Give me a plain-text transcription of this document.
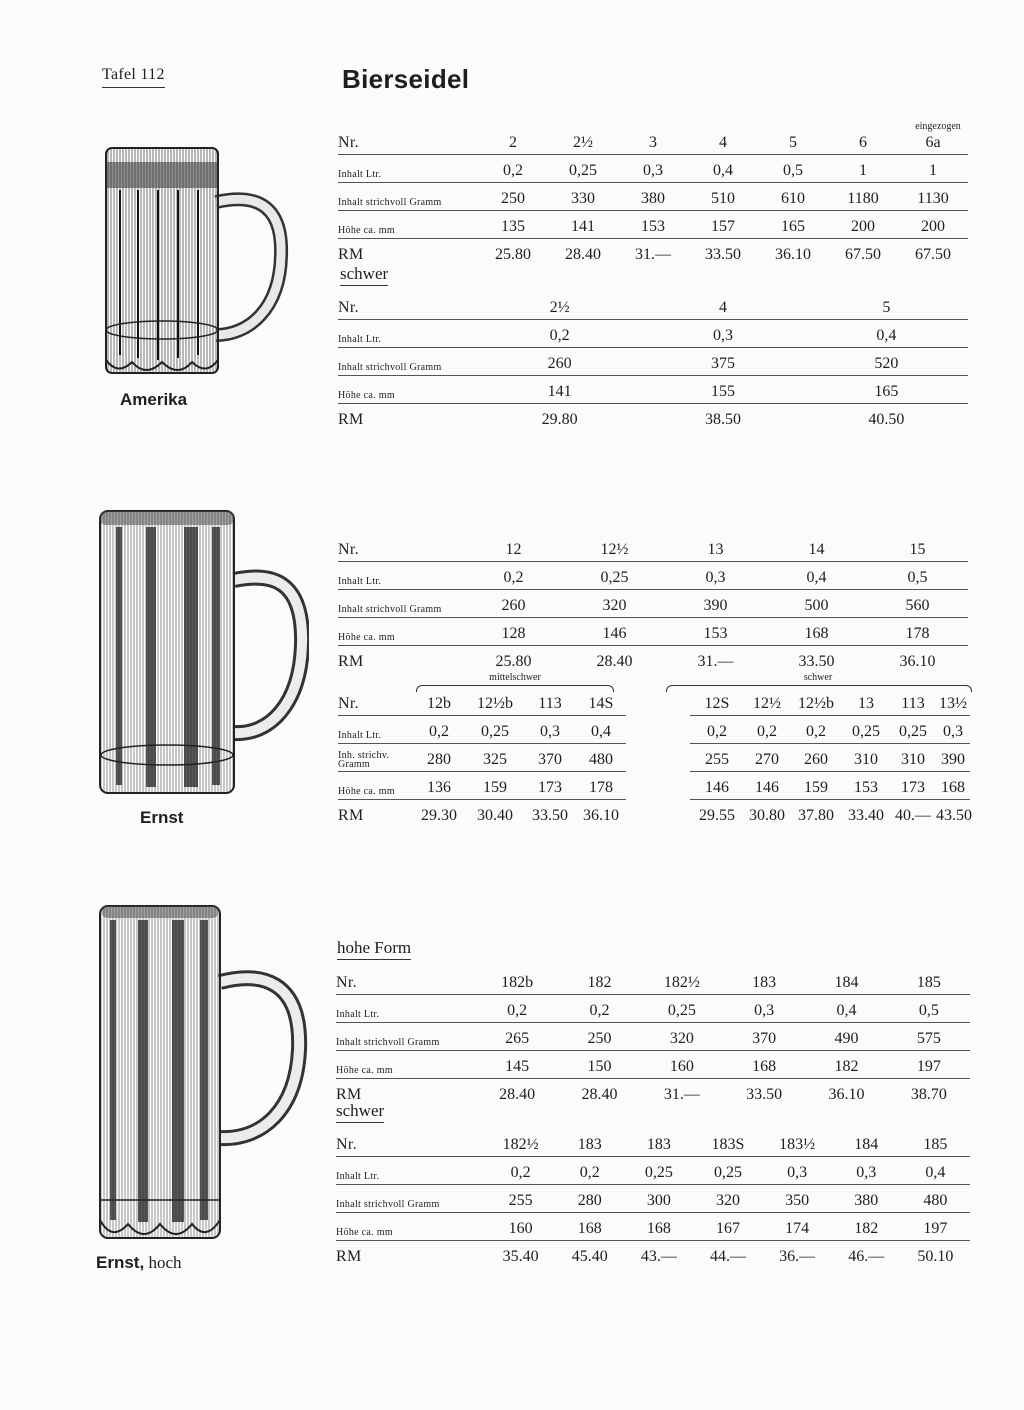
Tafel 112	Bierseidel
Amerika
eingezogen
Nr.	2	2½	3	4	5	6	6a
Inhalt Ltr.	0,2	0,25	0,3	0,4	0,5	1	1
Inhalt strichvoll Gramm	250	330	380	510	610	1180	1130
Höhe ca. mm	135	141	153	157	165	200	200
RM	25.80	28.40	31.—	33.50	36.10	67.50	67.50
schwer
Nr.	2½	4	5
Inhalt Ltr.	0,2	0,3	0,4
Inhalt strichvoll Gramm	260	375	520
Höhe ca. mm	141	155	165
RM	29.80	38.50	40.50
Ernst
Nr.	12	12½	13	14	15
Inhalt Ltr.	0,2	0,25	0,3	0,4	0,5
Inhalt strichvoll Gramm	260	320	390	500	560
Höhe ca. mm	128	146	153	168	178
RM	25.80	28.40	31.—	33.50	36.10
mittelschwer	schwer
Nr.	12b	12½b	113	14S		12S	12½	12½b	13	113	13½
Inhalt Ltr.	0,2	0,25	0,3	0,4		0,2	0,2	0,2	0,25	0,25	0,3
Inh. strichv. Gramm	280	325	370	480		255	270	260	310	310	390
Höhe ca. mm	136	159	173	178		146	146	159	153	173	168
RM	29.30	30.40	33.50	36.10		29.55	30.80	37.80	33.40	40.—	43.50
Ernst, hoch
hohe Form
Nr.	182b	182	182½	183	184	185
Inhalt Ltr.	0,2	0,2	0,25	0,3	0,4	0,5
Inhalt strichvoll Gramm	265	250	320	370	490	575
Höhe ca. mm	145	150	160	168	182	197
RM	28.40	28.40	31.—	33.50	36.10	38.70
schwer
Nr.	182½	183	183	183S	183½	184	185
Inhalt Ltr.	0,2	0,2	0,25	0,25	0,3	0,3	0,4
Inhalt strichvoll Gramm	255	280	300	320	350	380	480
Höhe ca. mm	160	168	168	167	174	182	197
RM	35.40	45.40	43.—	44.—	36.—	46.—	50.10
